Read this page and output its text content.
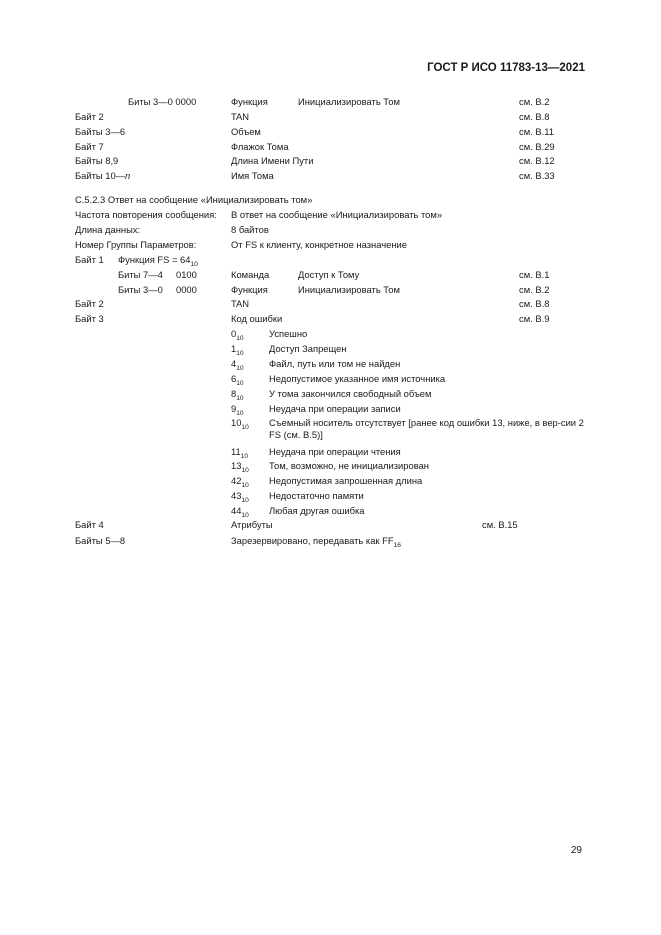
ГОСТ Р ИСО 11783-13—2021
Биты 3—0 0000	Функция	Инициализировать Том	см. B.2
Байт 2	TAN	см. B.8
Байты 3—6	Объем	см. B.11
Байт 7	Флажок Тома	см. B.29
Байты 8,9	Длина Имени Пути	см. B.12
Байты 10—n	Имя Тома	см. B.33
C.5.2.3 Ответ на сообщение «Инициализировать том»
Частота повторения сообщения: В ответ на сообщение «Инициализировать том»
Длина данных:	8 байтов
Номер Группы Параметров:	От FS к клиенту, конкретное назначение
Байт 1 Функция FS = $64_{10}$
Биты 7—4 0100	Команда	Доступ к Тому	см. B.1
Биты 3—0 0000	Функция	Инициализировать Том	см. B.2
Байт 2	TAN	см. B.8
Байт 3	Код ошибки	см. B.9
$0_{10}$	Успешно
$1_{10}$	Доступ Запрещен
$4_{10}$	Файл, путь или том не найден
$6_{10}$	Недопустимое указанное имя источника
$8_{10}$	У тома закончился свободный объем
$9_{10}$	Неудача при операции записи
$10_{10}$ Съемный носитель отсутствует [ранее код ошибки 13, ниже, в вер-сии 2 FS (см. B.5)]
$11_{10}$ Неудача при операции чтения
$13_{10}$ Том, возможно, не инициализирован
$42_{10}$ Недопустимая запрошенная длина
$43_{10}$ Недостаточно памяти
$44_{10}$ Любая другая ошибка
Байт 4	Атрибуты	см. B.15
Байты 5—8	Зарезервировано, передавать как $FF_{16}$
29
